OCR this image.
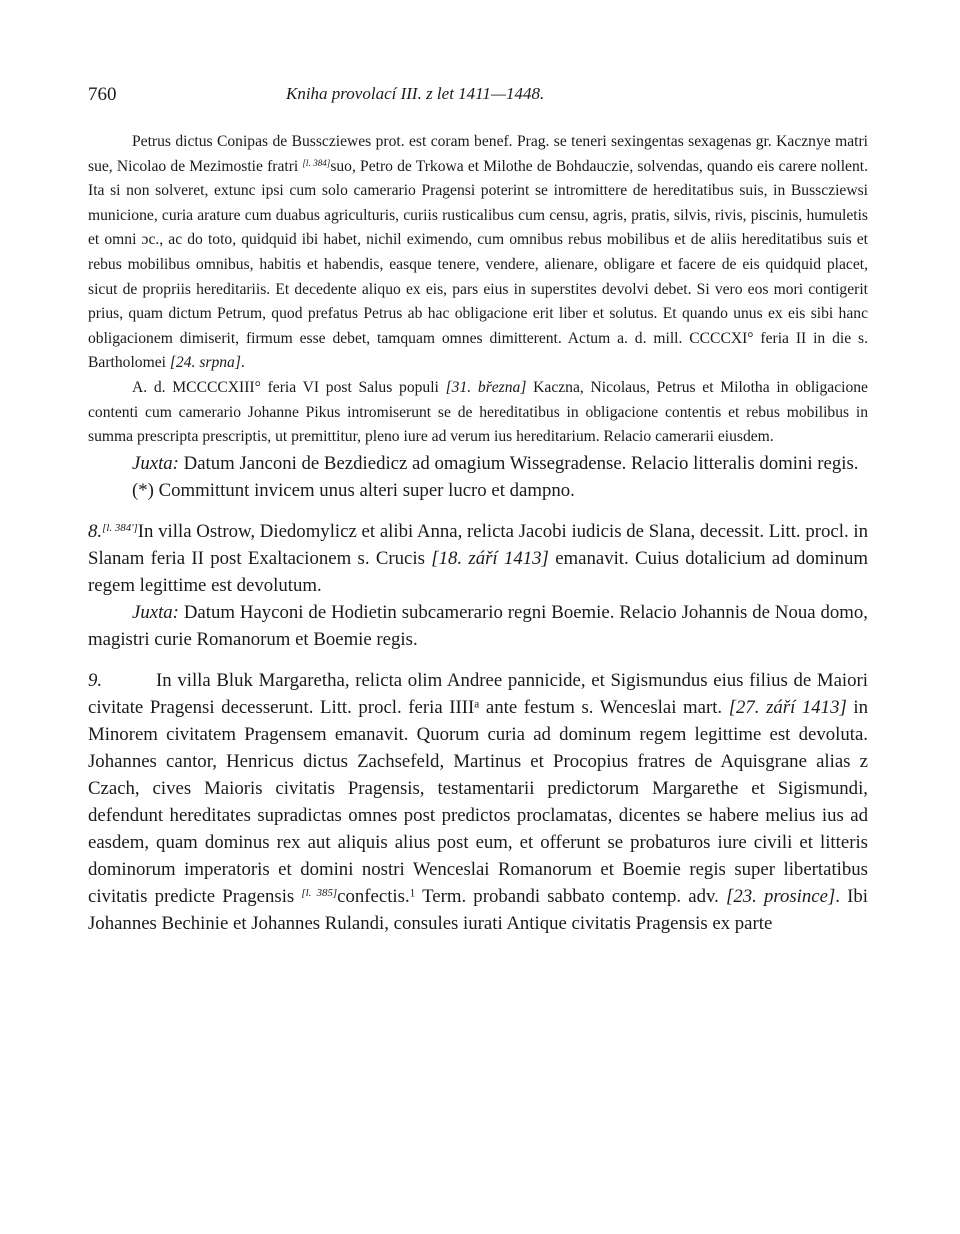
760	Kniha provolací III. z let 1411—1448.

Petrus dictus Conipas de Busscziewes prot. est coram benef. Prag. se teneri sexingentas sexagenas gr. Kacznye matri sue, Nicolao de Mezimostie fratri [l. 384]suo, Petro de Trkowa et Milothe de Bohdauczie, solvendas, quando eis carere nollent. Ita si non solveret, extunc ipsi cum solo camerario Pragensi poterint se intromittere de hereditatibus suis, in Busscziewsi municione, curia arature cum duabus agriculturis, curiis rusticalibus cum censu, agris, pratis, silvis, rivis, piscinis, humuletis et omni ɔc., ac do toto, quidquid ibi habet, nichil eximendo, cum omnibus rebus mobilibus et de aliis hereditatibus suis et rebus mobilibus omnibus, habitis et habendis, easque tenere, vendere, alienare, obligare et facere de eis quidquid placet, sicut de propriis hereditariis. Et decedente aliquo ex eis, pars eius in superstites devolvi debet. Si vero eos mori contigerit prius, quam dictum Petrum, quod prefatus Petrus ab hac obligacione erit liber et solutus. Et quando unus ex eis sibi hanc obligacionem dimiserit, firmum esse debet, tamquam omnes dimitterent. Actum a. d. mill. CCCCXI° feria II in die s. Bartholomei [24. srpna].

A. d. MCCCCXIII° feria VI post Salus populi [31. března] Kaczna, Nicolaus, Petrus et Milotha in obligacione contenti cum camerario Johanne Pikus intromiserunt se de hereditatibus in obligacione contentis et rebus mobilibus in summa prescripta prescriptis, ut premittitur, pleno iure ad verum ius hereditarium. Relacio camerarii eiusdem.

Juxta: Datum Janconi de Bezdiedicz ad omagium Wissegradense. Relacio litteralis domini regis.

(*) Committunt invicem unus alteri super lucro et dampno.

8.[l. 384']In villa Ostrow, Diedomylicz et alibi Anna, relicta Jacobi iudicis de Slana, decessit. Litt. procl. in Slanam feria II post Exaltacionem s. Crucis [18. září 1413] emanavit. Cuius dotalicium ad dominum regem legittime est devolutum.

Juxta: Datum Hayconi de Hodietin subcamerario regni Boemie. Relacio Johannis de Noua domo, magistri curie Romanorum et Boemie regis.

9.	In villa Bluk Margaretha, relicta olim Andree pannicide, et Sigismundus eius filius de Maiori civitate Pragensi decesserunt. Litt. procl. feria IIII$^a$ ante festum s. Wenceslai mart. [27. září 1413] in Minorem civitatem Pragensem emanavit. Quorum curia ad dominum regem legittime est devoluta. Johannes cantor, Henricus dictus Zachsefeld, Martinus et Procopius fratres de Aquisgrane alias z Czach, cives Maioris civitatis Pragensis, testamentarii predictorum Margarethe et Sigismundi, defendunt hereditates supradictas omnes post predictos proclamatas, dicentes se habere melius ius ad easdem, quam dominus rex aut aliquis alius post eum, et offerunt se probaturos iure civili et litteris dominorum imperatoris et domini nostri Wenceslai Romanorum et Boemie regis super libertatibus civitatis predicte Pragensis [l. 385]confectis.$^1$ Term. probandi sabbato contemp. adv. [23. prosince]. Ibi Johannes Bechinie et Johannes Rulandi, consules iurati Antique civitatis Pragensis ex parte
